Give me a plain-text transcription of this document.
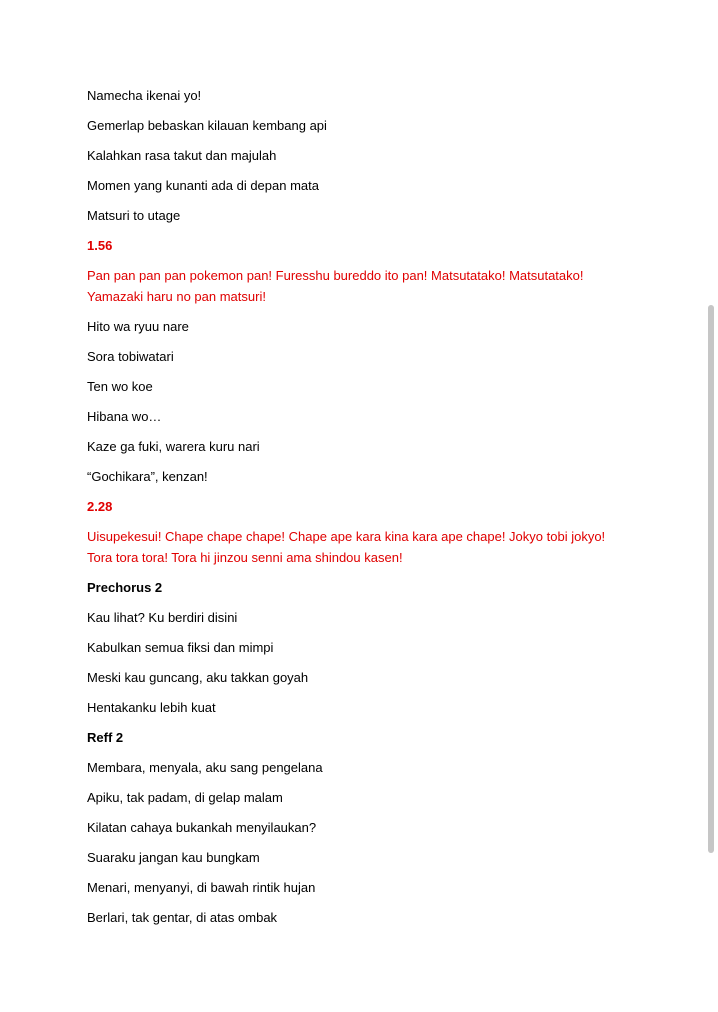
Namecha ikenai yo!

Gemerlap bebaskan kilauan kembang api

Kalahkan rasa takut dan majulah

Momen yang kunanti ada di depan mata

Matsuri to utage

1.56

Pan pan pan pan pokemon pan! Furesshu bureddo ito pan! Matsutatako! Matsutatako!
Yamazaki haru no pan matsuri!

Hito wa ryuu nare

Sora tobiwatari

Ten wo koe

Hibana wo…

Kaze ga fuki, warera kuru nari

“Gochikara”, kenzan!

2.28

Uisupekesui! Chape chape chape! Chape ape kara kina kara ape chape! Jokyo tobi jokyo!
Tora tora tora! Tora hi jinzou senni ama shindou kasen!

Prechorus 2

Kau lihat? Ku berdiri disini

Kabulkan semua fiksi dan mimpi

Meski kau guncang, aku takkan goyah

Hentakanku lebih kuat

Reff 2

Membara, menyala, aku sang pengelana

Apiku, tak padam, di gelap malam

Kilatan cahaya bukankah menyilaukan?

Suaraku jangan kau bungkam

Menari, menyanyi, di bawah rintik hujan

Berlari, tak gentar, di atas ombak
